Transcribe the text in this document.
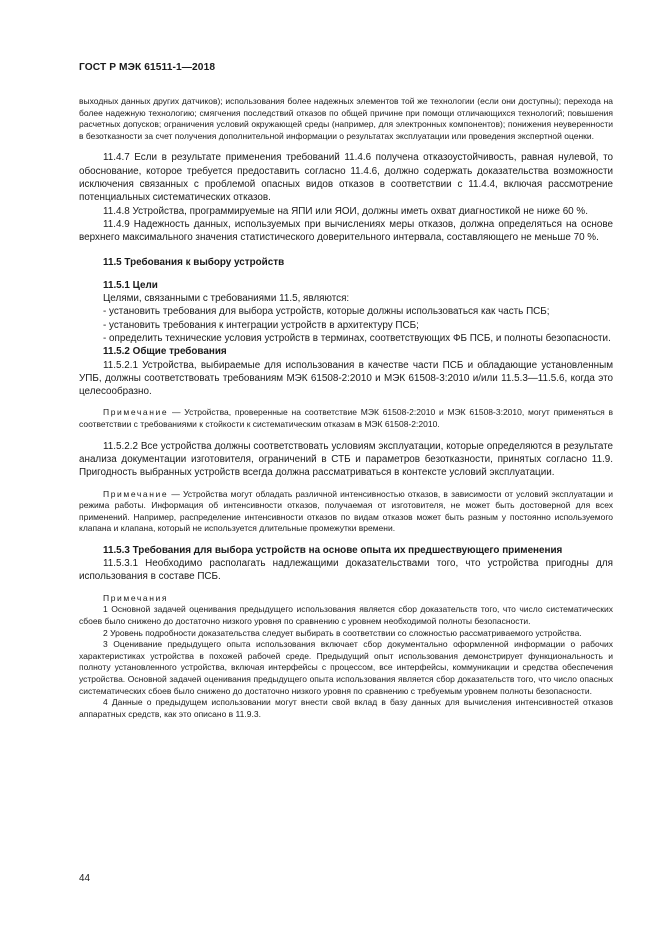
ГОСТ Р МЭК 61511-1—2018

выходных данных других датчиков); использования более надежных элементов той же технологии (если они доступны); перехода на более надежную технологию; смягчения последствий отказов по общей причине при помощи отличающихся технологий; повышения расчетных допусков; ограничения условий окружающей среды (например, для электронных компонентов); понижения неуверенности в безотказности за счет получения дополнительной информации о результатах эксплуатации или проведения экспертной оценки.

11.4.7 Если в результате применения требований 11.4.6 получена отказоустойчивость, равная нулевой, то обоснование, которое требуется предоставить согласно 11.4.6, должно содержать доказательства возможности исключения связанных с проблемой опасных видов отказов в соответствии с 11.4.4, включая рассмотрение потенциальных систематических отказов.

11.4.8 Устройства, программируемые на ЯПИ или ЯОИ, должны иметь охват диагностикой не ниже 60 %.

11.4.9 Надежность данных, используемых при вычислениях меры отказов, должна определяться на основе верхнего максимального значения статистического доверительного интервала, составляющего не меньше 70 %.

11.5 Требования к выбору устройств

11.5.1 Цели

Целями, связанными с требованиями 11.5, являются:

- установить требования для выбора устройств, которые должны использоваться как часть ПСБ;

- установить требования к интеграции устройств в архитектуру ПСБ;

- определить технические условия устройств в терминах, соответствующих ФБ ПСБ, и полноты безопасности.

11.5.2 Общие требования

11.5.2.1 Устройства, выбираемые для использования в качестве части ПСБ и обладающие установленным УПБ, должны соответствовать требованиям МЭК 61508-2:2010 и МЭК 61508-3:2010 и/или 11.5.3—11.5.6, когда это целесообразно.

Примечание — Устройства, проверенные на соответствие МЭК 61508-2:2010 и МЭК 61508-3:2010, могут применяться в соответствии с требованиями к стойкости к систематическим отказам в МЭК 61508-2:2010.

11.5.2.2 Все устройства должны соответствовать условиям эксплуатации, которые определяются в результате анализа документации изготовителя, ограничений в СТБ и параметров безотказности, принятых согласно 11.9. Пригодность выбранных устройств всегда должна рассматриваться в контексте условий эксплуатации.

Примечание — Устройства могут обладать различной интенсивностью отказов, в зависимости от условий эксплуатации и режима работы. Информация об интенсивности отказов, получаемая от изготовителя, не может быть достоверной для всех применений. Например, распределение интенсивности отказов по видам отказов может быть разным у постоянно используемого клапана и клапана, который не используется длительные промежутки времени.

11.5.3 Требования для выбора устройств на основе опыта их предшествующего применения

11.5.3.1 Необходимо располагать надлежащими доказательствами того, что устройства пригодны для использования в составе ПСБ.

Примечания

1 Основной задачей оценивания предыдущего использования является сбор доказательств того, что число систематических сбоев было снижено до достаточно низкого уровня по сравнению с уровнем необходимой полноты безопасности.

2 Уровень подробности доказательства следует выбирать в соответствии со сложностью рассматриваемого устройства.

3 Оценивание предыдущего опыта использования включает сбор документально оформленной информации о рабочих характеристиках устройства в похожей рабочей среде. Предыдущий опыт использования демонстрирует функциональность и полноту установленного устройства, включая интерфейсы с процессом, все интерфейсы, коммуникации и средства обеспечения устройства. Основной задачей оценивания предыдущего опыта использования является сбор доказательств того, что число опасных систематических сбоев было снижено до достаточно низкого уровня по сравнению с требуемым уровнем полноты безопасности.

4 Данные о предыдущем использовании могут внести свой вклад в базу данных для вычисления интенсивностей отказов аппаратных средств, как это описано в 11.9.3.

44
